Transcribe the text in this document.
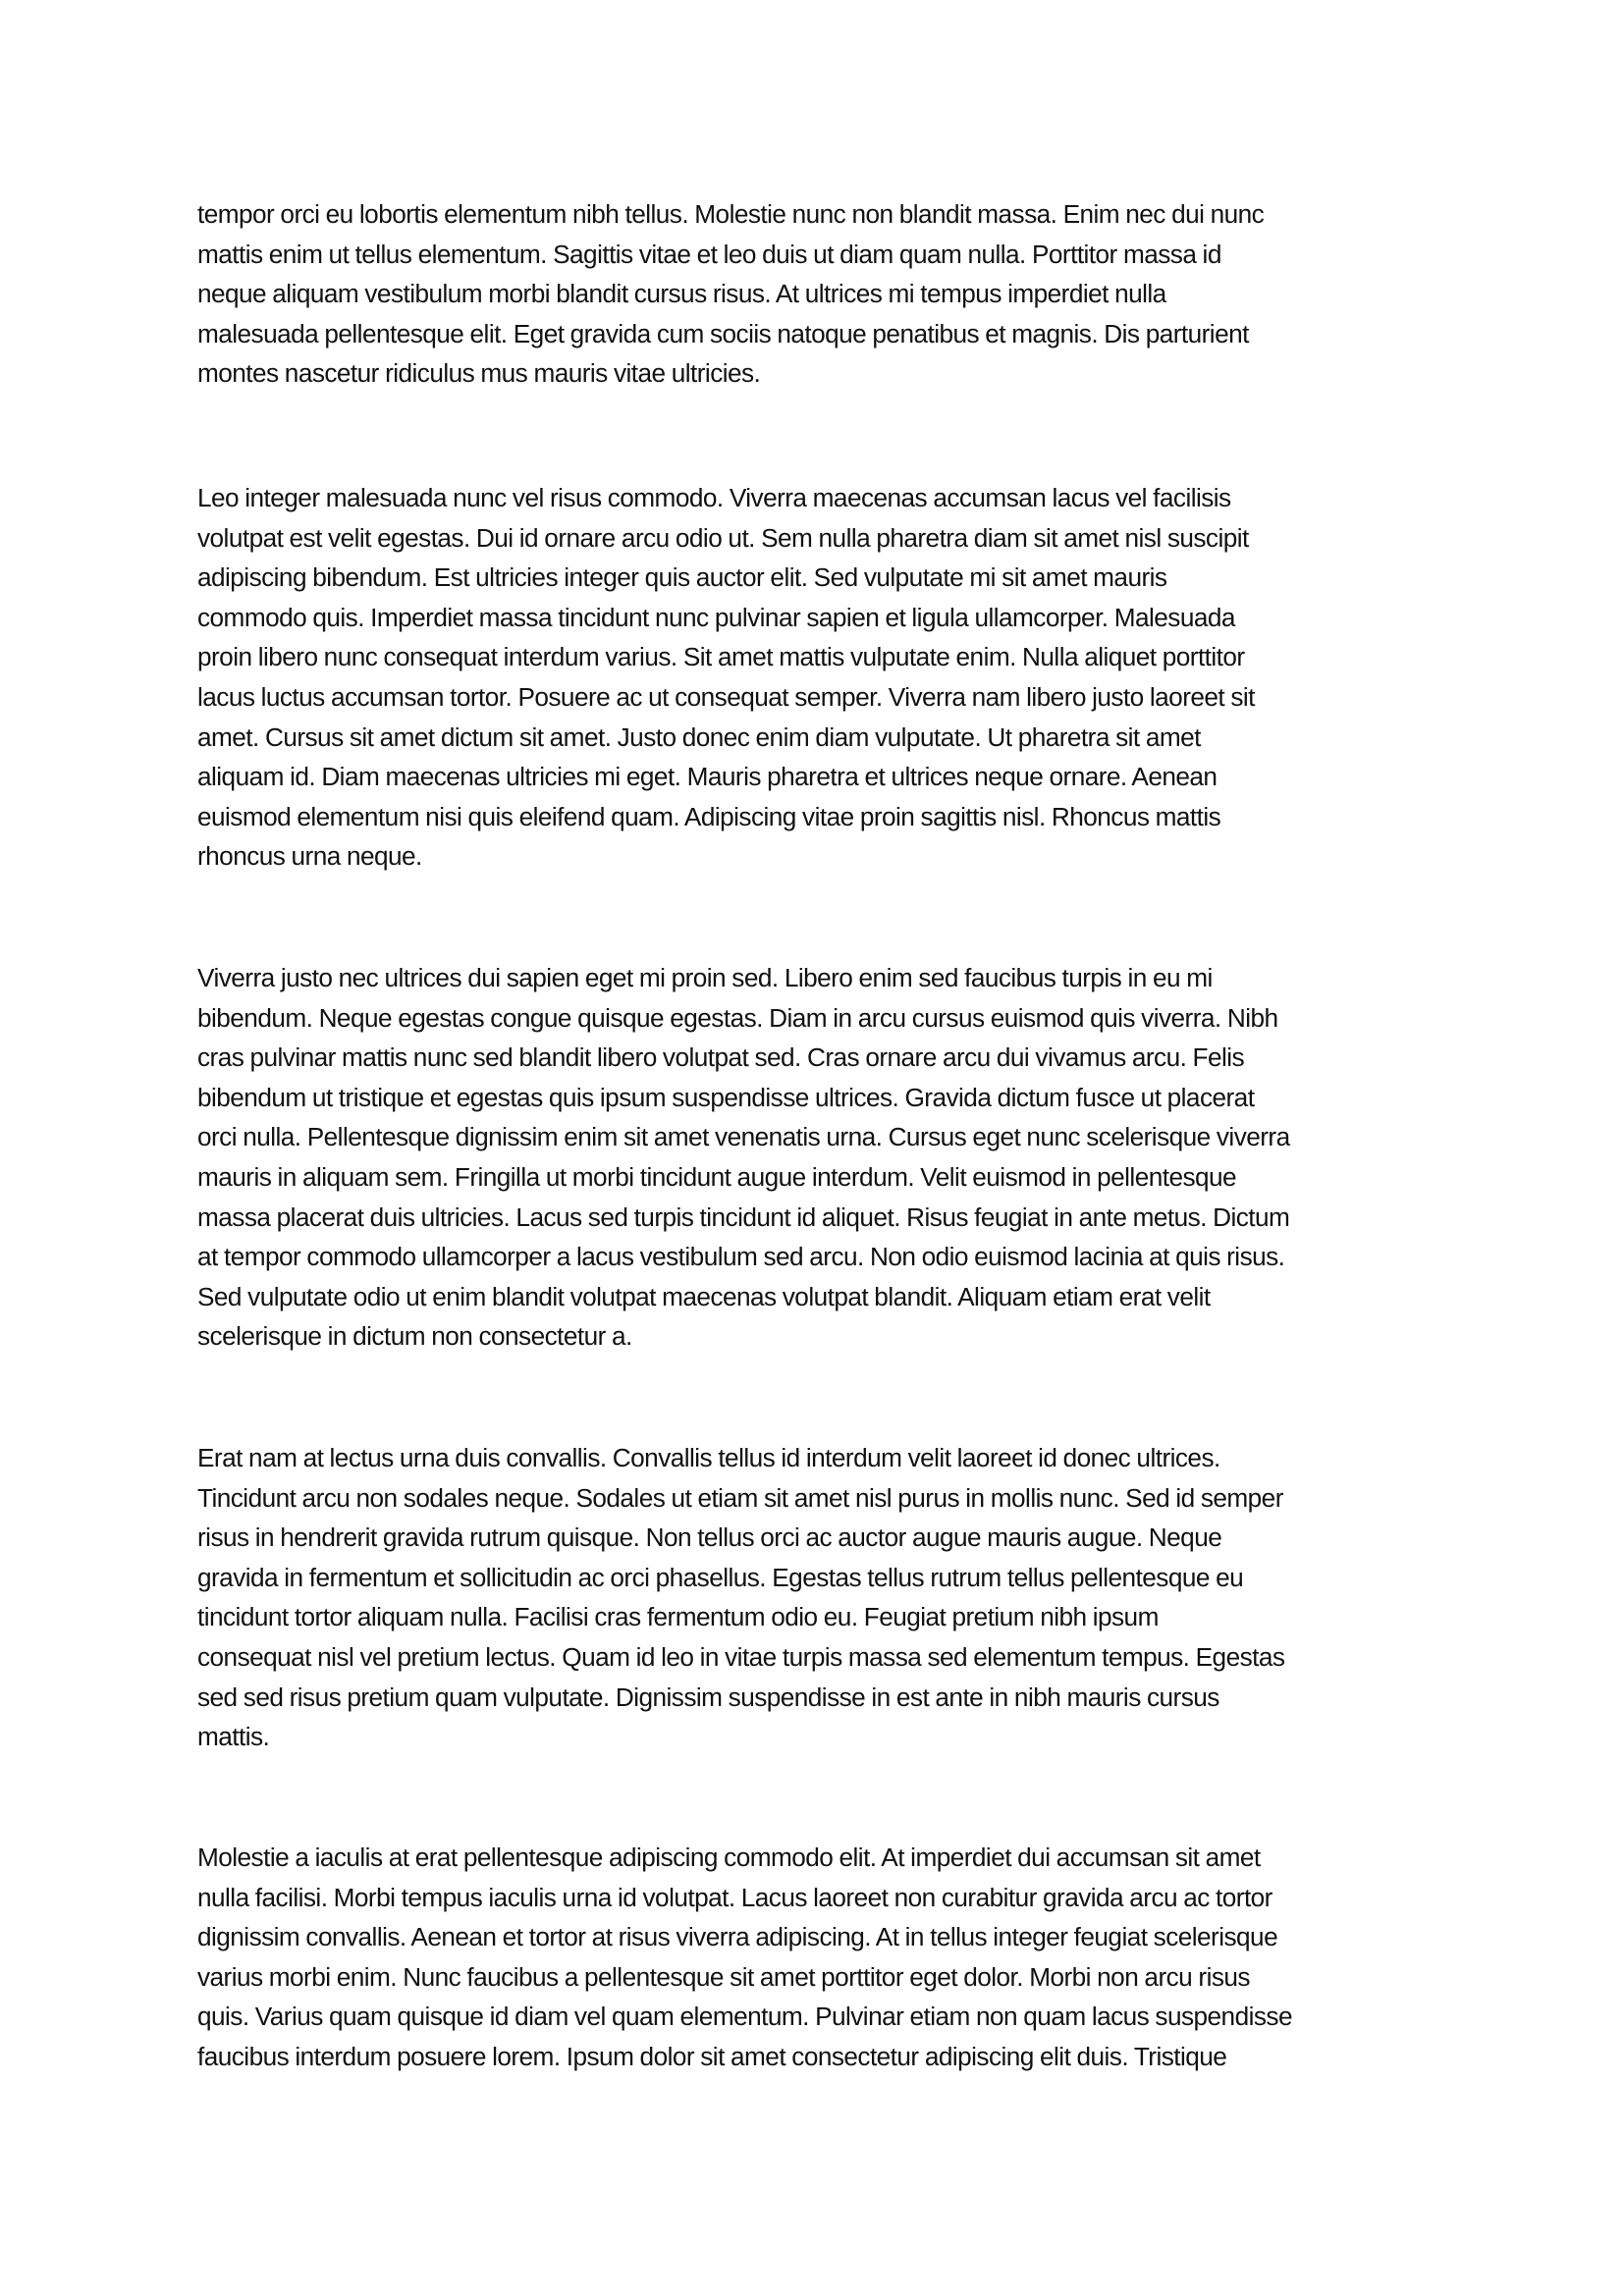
tempor orci eu lobortis elementum nibh tellus. Molestie nunc non blandit massa. Enim nec dui nunc
mattis enim ut tellus elementum. Sagittis vitae et leo duis ut diam quam nulla. Porttitor massa id
neque aliquam vestibulum morbi blandit cursus risus. At ultrices mi tempus imperdiet nulla
malesuada pellentesque elit. Eget gravida cum sociis natoque penatibus et magnis. Dis parturient
montes nascetur ridiculus mus mauris vitae ultricies.
Leo integer malesuada nunc vel risus commodo. Viverra maecenas accumsan lacus vel facilisis
volutpat est velit egestas. Dui id ornare arcu odio ut. Sem nulla pharetra diam sit amet nisl suscipit
adipiscing bibendum. Est ultricies integer quis auctor elit. Sed vulputate mi sit amet mauris
commodo quis. Imperdiet massa tincidunt nunc pulvinar sapien et ligula ullamcorper. Malesuada
proin libero nunc consequat interdum varius. Sit amet mattis vulputate enim. Nulla aliquet porttitor
lacus luctus accumsan tortor. Posuere ac ut consequat semper. Viverra nam libero justo laoreet sit
amet. Cursus sit amet dictum sit amet. Justo donec enim diam vulputate. Ut pharetra sit amet
aliquam id. Diam maecenas ultricies mi eget. Mauris pharetra et ultrices neque ornare. Aenean
euismod elementum nisi quis eleifend quam. Adipiscing vitae proin sagittis nisl. Rhoncus mattis
rhoncus urna neque.
Viverra justo nec ultrices dui sapien eget mi proin sed. Libero enim sed faucibus turpis in eu mi
bibendum. Neque egestas congue quisque egestas. Diam in arcu cursus euismod quis viverra. Nibh
cras pulvinar mattis nunc sed blandit libero volutpat sed. Cras ornare arcu dui vivamus arcu. Felis
bibendum ut tristique et egestas quis ipsum suspendisse ultrices. Gravida dictum fusce ut placerat
orci nulla. Pellentesque dignissim enim sit amet venenatis urna. Cursus eget nunc scelerisque viverra
mauris in aliquam sem. Fringilla ut morbi tincidunt augue interdum. Velit euismod in pellentesque
massa placerat duis ultricies. Lacus sed turpis tincidunt id aliquet. Risus feugiat in ante metus. Dictum
at tempor commodo ullamcorper a lacus vestibulum sed arcu. Non odio euismod lacinia at quis risus.
Sed vulputate odio ut enim blandit volutpat maecenas volutpat blandit. Aliquam etiam erat velit
scelerisque in dictum non consectetur a.
Erat nam at lectus urna duis convallis. Convallis tellus id interdum velit laoreet id donec ultrices.
Tincidunt arcu non sodales neque. Sodales ut etiam sit amet nisl purus in mollis nunc. Sed id semper
risus in hendrerit gravida rutrum quisque. Non tellus orci ac auctor augue mauris augue. Neque
gravida in fermentum et sollicitudin ac orci phasellus. Egestas tellus rutrum tellus pellentesque eu
tincidunt tortor aliquam nulla. Facilisi cras fermentum odio eu. Feugiat pretium nibh ipsum
consequat nisl vel pretium lectus. Quam id leo in vitae turpis massa sed elementum tempus. Egestas
sed sed risus pretium quam vulputate. Dignissim suspendisse in est ante in nibh mauris cursus
mattis.
Molestie a iaculis at erat pellentesque adipiscing commodo elit. At imperdiet dui accumsan sit amet
nulla facilisi. Morbi tempus iaculis urna id volutpat. Lacus laoreet non curabitur gravida arcu ac tortor
dignissim convallis. Aenean et tortor at risus viverra adipiscing. At in tellus integer feugiat scelerisque
varius morbi enim. Nunc faucibus a pellentesque sit amet porttitor eget dolor. Morbi non arcu risus
quis. Varius quam quisque id diam vel quam elementum. Pulvinar etiam non quam lacus suspendisse
faucibus interdum posuere lorem. Ipsum dolor sit amet consectetur adipiscing elit duis. Tristique
